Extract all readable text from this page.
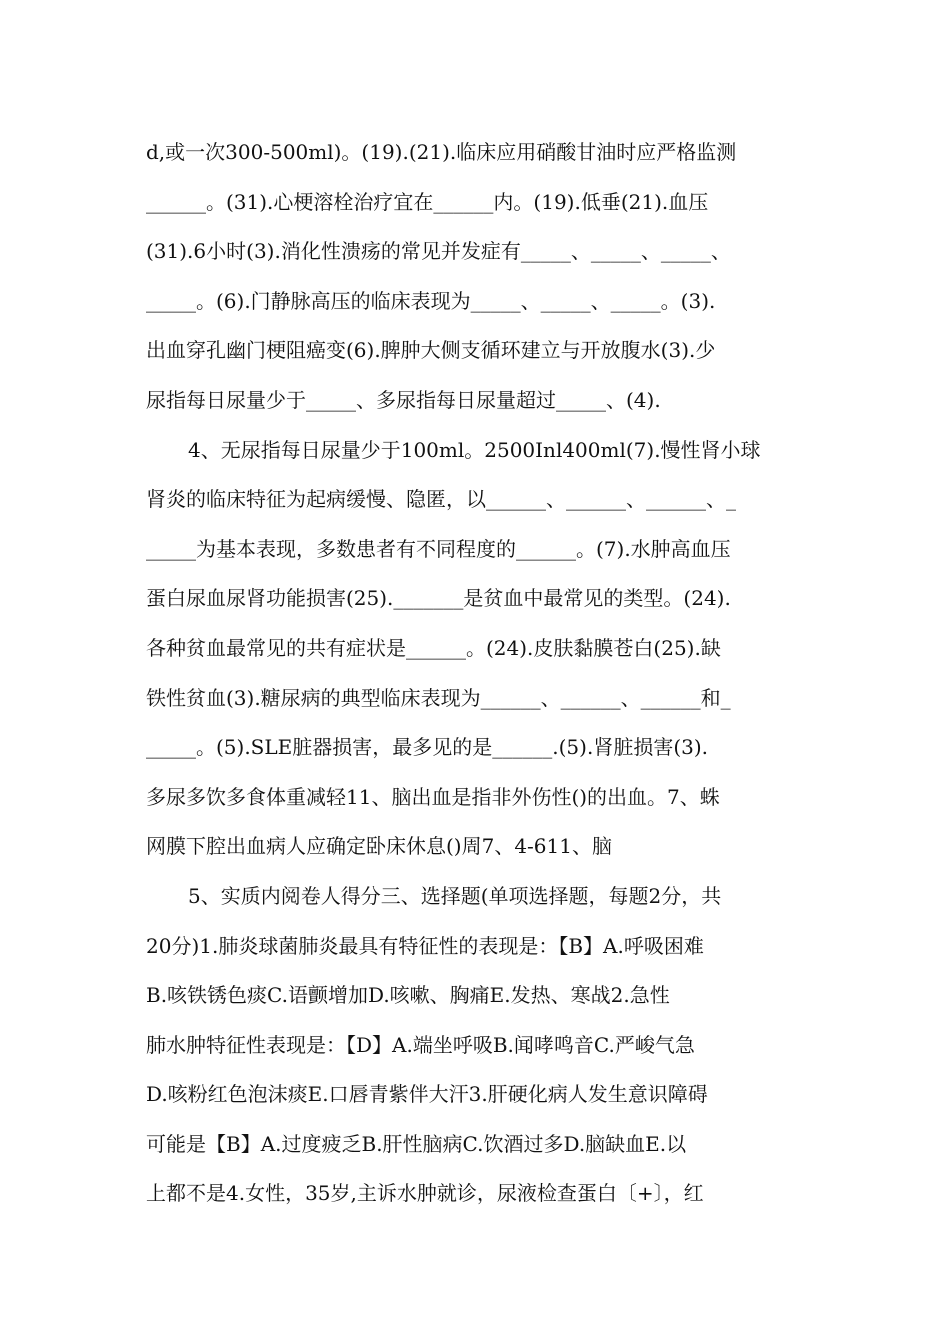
d,或一次300-500ml)。(19).(21).临床应用硝酸甘油时应严格监测
______。(31).心梗溶栓治疗宜在______内。(19).低垂(21).血压
(31).6小时(3).消化性溃疡的常见并发症有_____、_____、_____、
_____。(6).门静脉高压的临床表现为_____、_____、_____。(3).
出血穿孔幽门梗阻癌变(6).脾肿大侧支循环建立与开放腹水(3).少
尿指每日尿量少于_____、多尿指每日尿量超过_____、(4).
4、无尿指每日尿量少于100ml。2500Inl400ml(7).慢性肾小球
肾炎的临床特征为起病缓慢、隐匿，以______、______、______、_
_____为基本表现，多数患者有不同程度的______。(7).水肿高血压
蛋白尿血尿肾功能损害(25)._______是贫血中最常见的类型。(24).
各种贫血最常见的共有症状是______。(24).皮肤黏膜苍白(25).缺
铁性贫血(3).糖尿病的典型临床表现为______、______、______和_
_____。(5).SLE脏器损害，最多见的是______.(5).肾脏损害(3).
多尿多饮多食体重减轻11、脑出血是指非外伤性()的出血。7、蛛
网膜下腔出血病人应确定卧床休息()周7、4-611、脑
5、实质内阅卷人得分三、选择题(单项选择题，每题2分，共
20分)1.肺炎球菌肺炎最具有特征性的表现是：【B】A.呼吸困难
B.咳铁锈色痰C.语颤增加D.咳嗽、胸痛E.发热、寒战2.急性
肺水肿特征性表现是：【D】A.端坐呼吸B.闻哮鸣音C.严峻气急
D.咳粉红色泡沫痰E.口唇青紫伴大汗3.肝硬化病人发生意识障碍
可能是【B】A.过度疲乏B.肝性脑病C.饮酒过多D.脑缺血E.以
上都不是4.女性，35岁,主诉水肿就诊，尿液检查蛋白〔+〕，红
